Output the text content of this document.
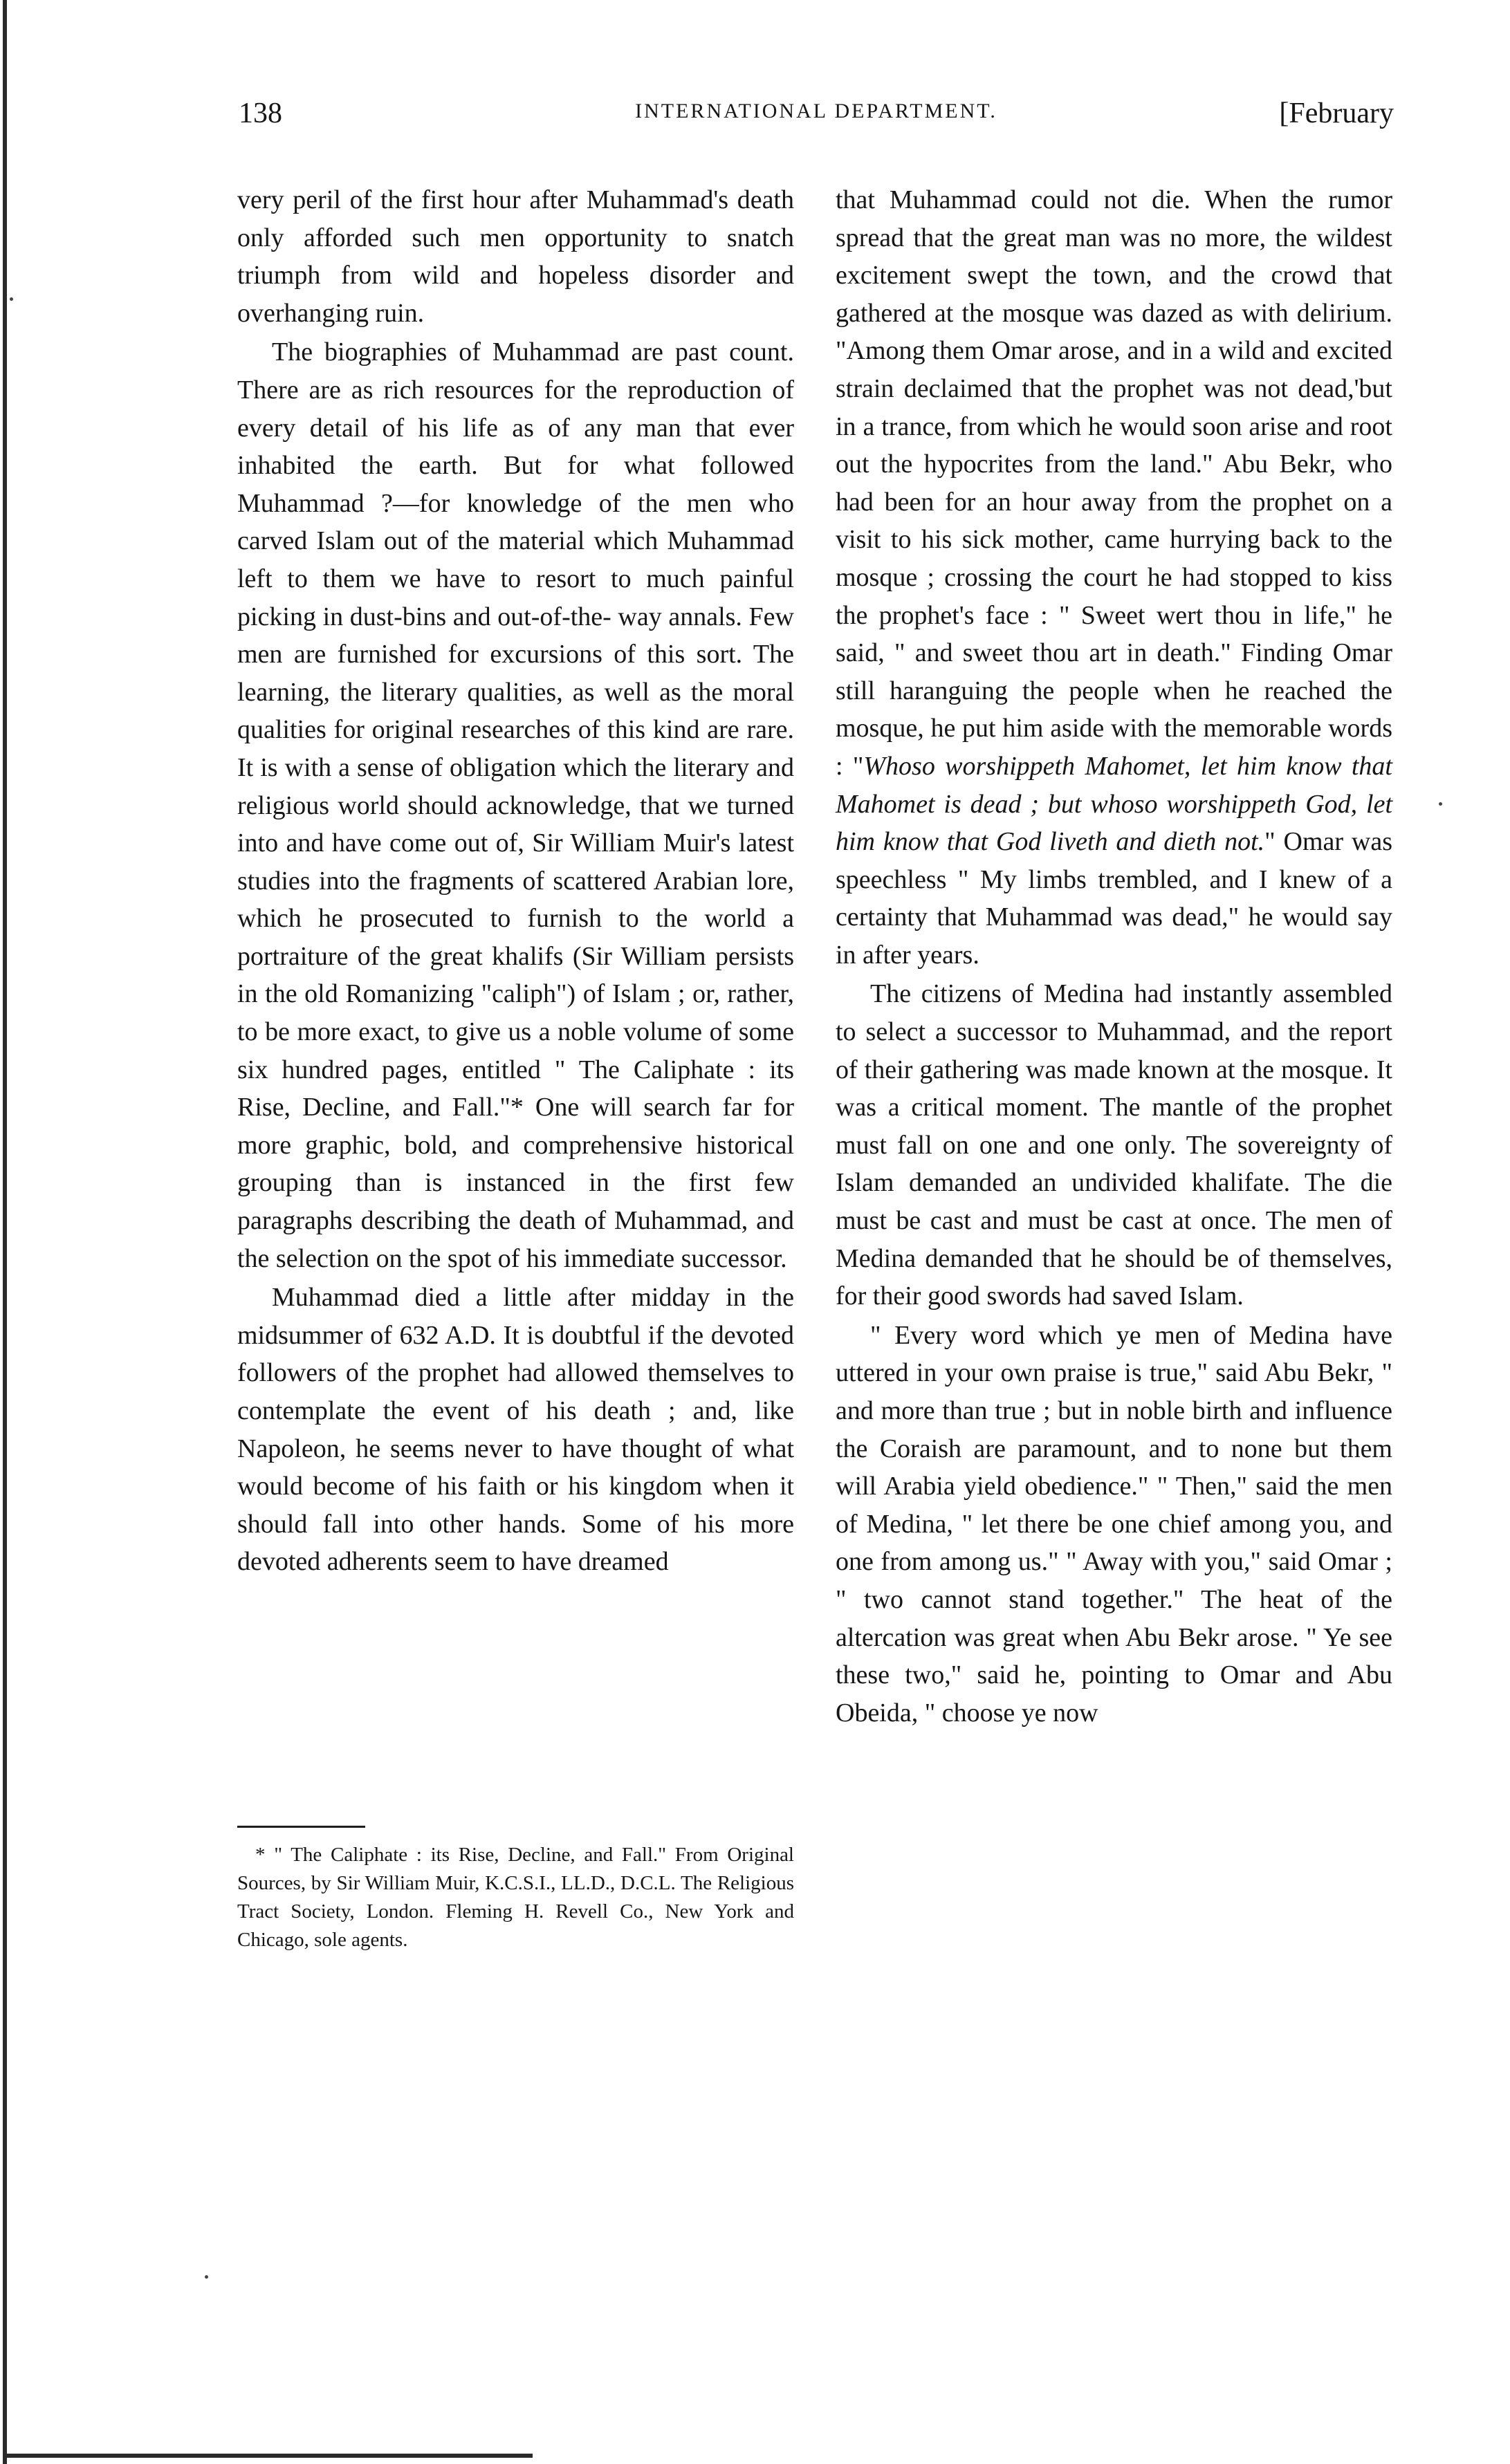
138	INTERNATIONAL DEPARTMENT.	[February

very peril of the first hour after Muhammad's death only afforded such men opportunity to snatch triumph from wild and hopeless disorder and overhanging ruin.

The biographies of Muhammad are past count. There are as rich resources for the reproduction of every detail of his life as of any man that ever inhabited the earth. But for what followed Muhammad ?—for knowledge of the men who carved Islam out of the material which Muhammad left to them we have to resort to much painful picking in dust-bins and out-of-the- way annals. Few men are furnished for excursions of this sort. The learning, the literary qualities, as well as the moral qualities for original researches of this kind are rare. It is with a sense of obligation which the literary and religious world should acknowledge, that we turned into and have come out of, Sir William Muir's latest studies into the fragments of scattered Arabian lore, which he prosecuted to furnish to the world a portraiture of the great khalifs (Sir William persists in the old Romanizing "caliph") of Islam ; or, rather, to be more exact, to give us a noble volume of some six hundred pages, entitled " The Caliphate : its Rise, Decline, and Fall."* One will search far for more graphic, bold, and comprehensive historical grouping than is instanced in the first few paragraphs describing the death of Muhammad, and the selection on the spot of his immediate successor.

Muhammad died a little after midday in the midsummer of 632 A.D. It is doubtful if the devoted followers of the prophet had allowed themselves to contemplate the event of his death ; and, like Napoleon, he seems never to have thought of what would become of his faith or his kingdom when it should fall into other hands. Some of his more devoted adherents seem to have dreamed

that Muhammad could not die. When the rumor spread that the great man was no more, the wildest excitement swept the town, and the crowd that gathered at the mosque was dazed as with delirium. "Among them Omar arose, and in a wild and excited strain declaimed that the prophet was not dead,'but in a trance, from which he would soon arise and root out the hypocrites from the land." Abu Bekr, who had been for an hour away from the prophet on a visit to his sick mother, came hurrying back to the mosque ; crossing the court he had stopped to kiss the prophet's face : " Sweet wert thou in life," he said, " and sweet thou art in death." Finding Omar still haranguing the people when he reached the mosque, he put him aside with the memorable words : "Whoso worshippeth Mahomet, let him know that Mahomet is dead ; but whoso worshippeth God, let him know that God liveth and dieth not." Omar was speechless " My limbs trembled, and I knew of a certainty that Muhammad was dead," he would say in after years.

The citizens of Medina had instantly assembled to select a successor to Muhammad, and the report of their gathering was made known at the mosque. It was a critical moment. The mantle of the prophet must fall on one and one only. The sovereignty of Islam demanded an undivided khalifate. The die must be cast and must be cast at once. The men of Medina demanded that he should be of themselves, for their good swords had saved Islam.

" Every word which ye men of Medina have uttered in your own praise is true," said Abu Bekr, " and more than true ; but in noble birth and influence the Coraish are paramount, and to none but them will Arabia yield obedience." " Then," said the men of Medina, " let there be one chief among you, and one from among us." " Away with you," said Omar ; " two cannot stand together." The heat of the altercation was great when Abu Bekr arose. " Ye see these two," said he, pointing to Omar and Abu Obeida, " choose ye now

* " The Caliphate : its Rise, Decline, and Fall." From Original Sources, by Sir William Muir, K.C.S.I., LL.D., D.C.L. The Religious Tract Society, London. Fleming H. Revell Co., New York and Chicago, sole agents.
